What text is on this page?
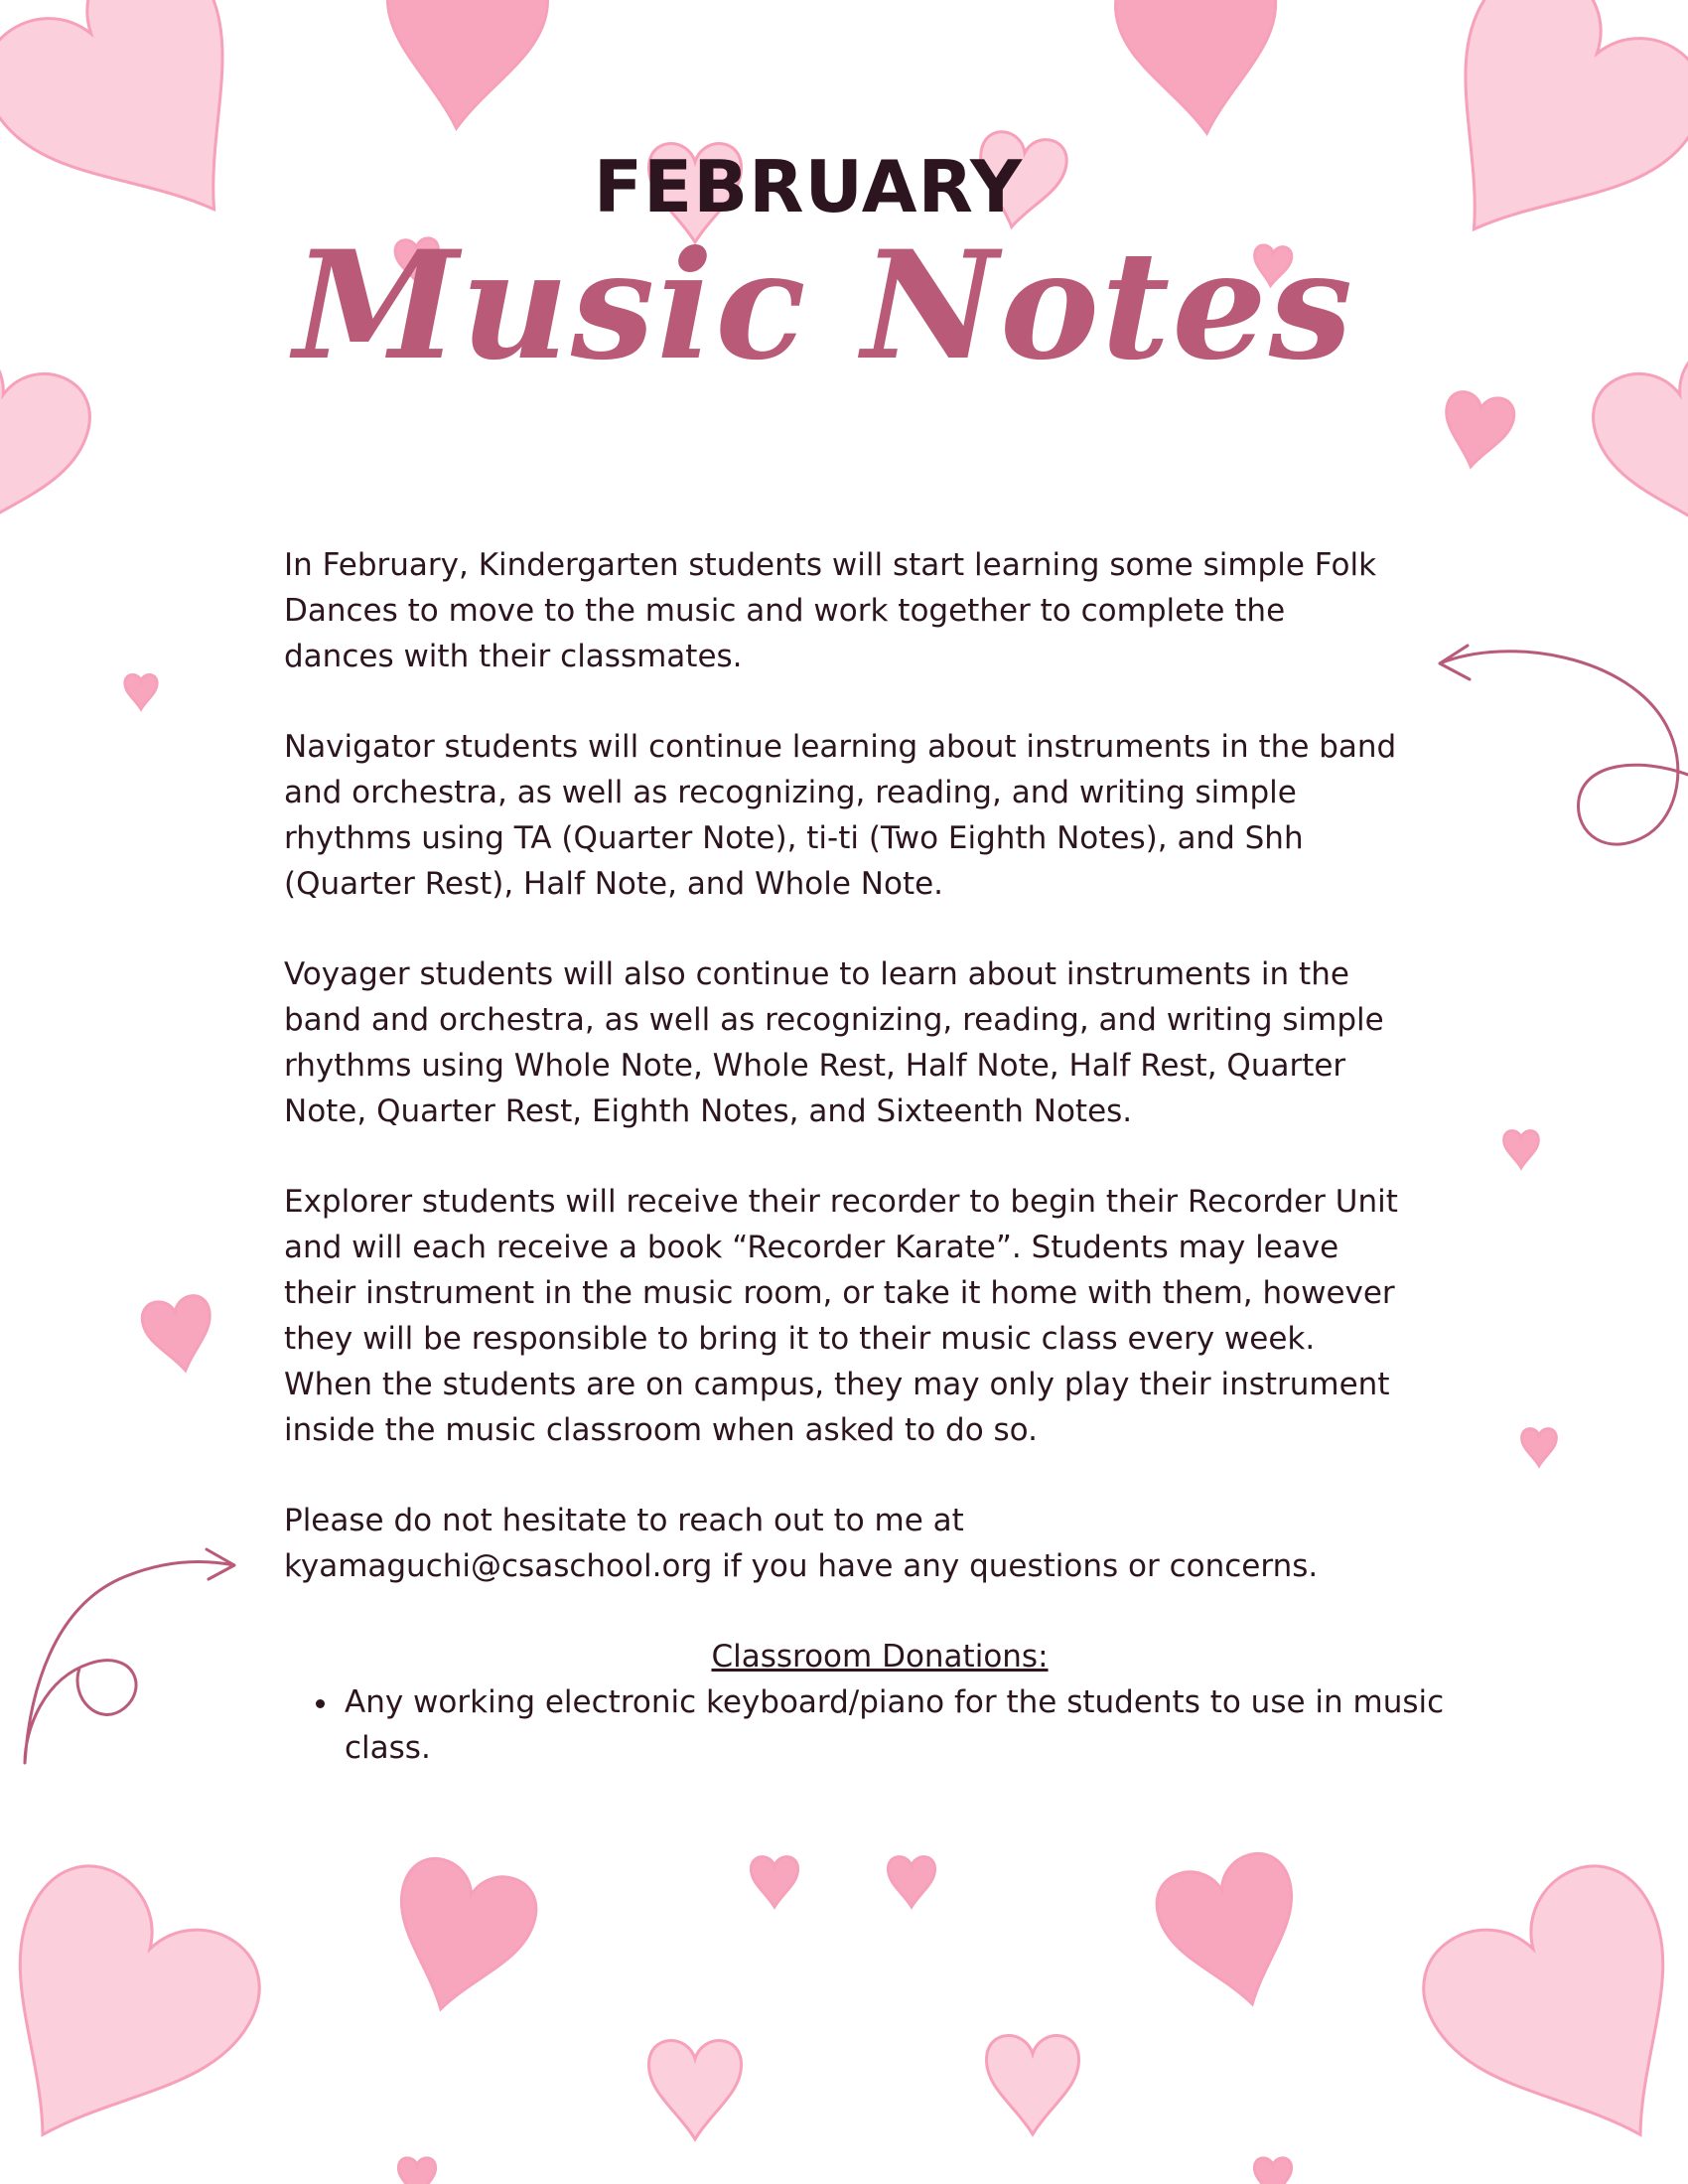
FEBRUARY
Music Notes

In February, Kindergarten students will start learning some simple Folk
Dances to move to the music and work together to complete the
dances with their classmates.

Navigator students will continue learning about instruments in the band
and orchestra, as well as recognizing, reading, and writing simple
rhythms using TA (Quarter Note), ti-ti (Two Eighth Notes), and Shh
(Quarter Rest), Half Note, and Whole Note.

Voyager students will also continue to learn about instruments in the
band and orchestra, as well as recognizing, reading, and writing simple
rhythms using Whole Note, Whole Rest, Half Note, Half Rest, Quarter
Note, Quarter Rest, Eighth Notes, and Sixteenth Notes.

Explorer students will receive their recorder to begin their Recorder Unit
and will each receive a book “Recorder Karate”. Students may leave
their instrument in the music room, or take it home with them, however
they will be responsible to bring it to their music class every week.
When the students are on campus, they may only play their instrument
inside the music classroom when asked to do so.

Please do not hesitate to reach out to me at
kyamaguchi@csaschool.org if you have any questions or concerns.

Classroom Donations:

• Any working electronic keyboard/piano for the students to use in music class.
